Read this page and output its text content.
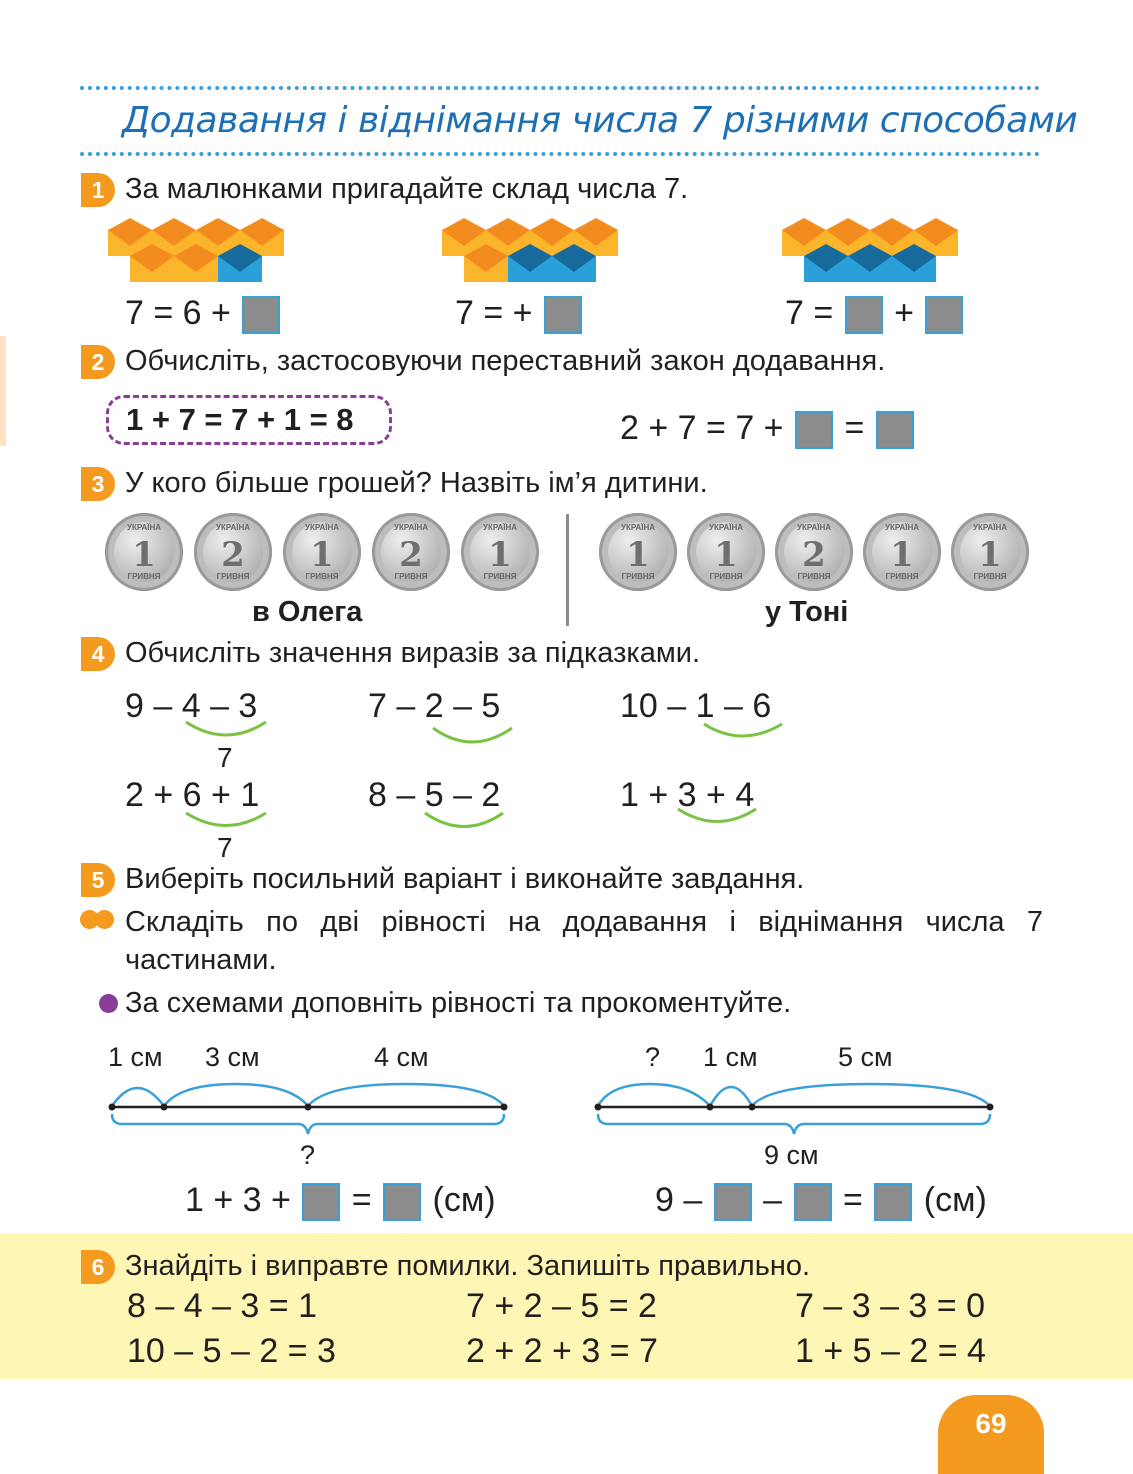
Додавання і віднімання числа 7 різними способами
1 За малюнками пригадайте склад числа 7.
7 = 6 +	7 = +	7 = +
2 Обчисліть, застосовуючи переставний закон додавання.
1 + 7 = 7 + 1 = 8	2 + 7 = 7 + =
3 У кого більше грошей? Назвіть ім’я дитини.
УКРАЇНА
1
ГРИВНЯ
УКРАЇНА
2
ГРИВНЯ
УКРАЇНА
1
ГРИВНЯ
УКРАЇНА
2
ГРИВНЯ
УКРАЇНА
1
ГРИВНЯ
УКРАЇНА
1
ГРИВНЯ
УКРАЇНА
1
ГРИВНЯ
УКРАЇНА
2
ГРИВНЯ
УКРАЇНА
1
ГРИВНЯ
УКРАЇНА
1
ГРИВНЯ
в Олега	у Тоні
4 Обчисліть значення виразів за підказками.
9 – 4 – 3	7 – 2 – 5	10 – 1 – 6
2 + 6 + 1	8 – 5 – 2	1 + 3 + 4
7
7
5 Виберіть посильний варіант і виконайте завдання.
Складіть по дві рівності на додавання і віднімання числа 7 частинами.
За схемами доповніть рівності та прокоментуйте.
1 см 3 см	4 см
?
1 + 3 + = (см)
? 1 см	5 см
9 см
9 – – = (см)
6 Знайдіть і виправте помилки. Запишіть правильно.
8 – 4 – 3 = 1	7 + 2 – 5 = 2	7 – 3 – 3 = 0
10 – 5 – 2 = 3	2 + 2 + 3 = 7	1 + 5 – 2 = 4
69
